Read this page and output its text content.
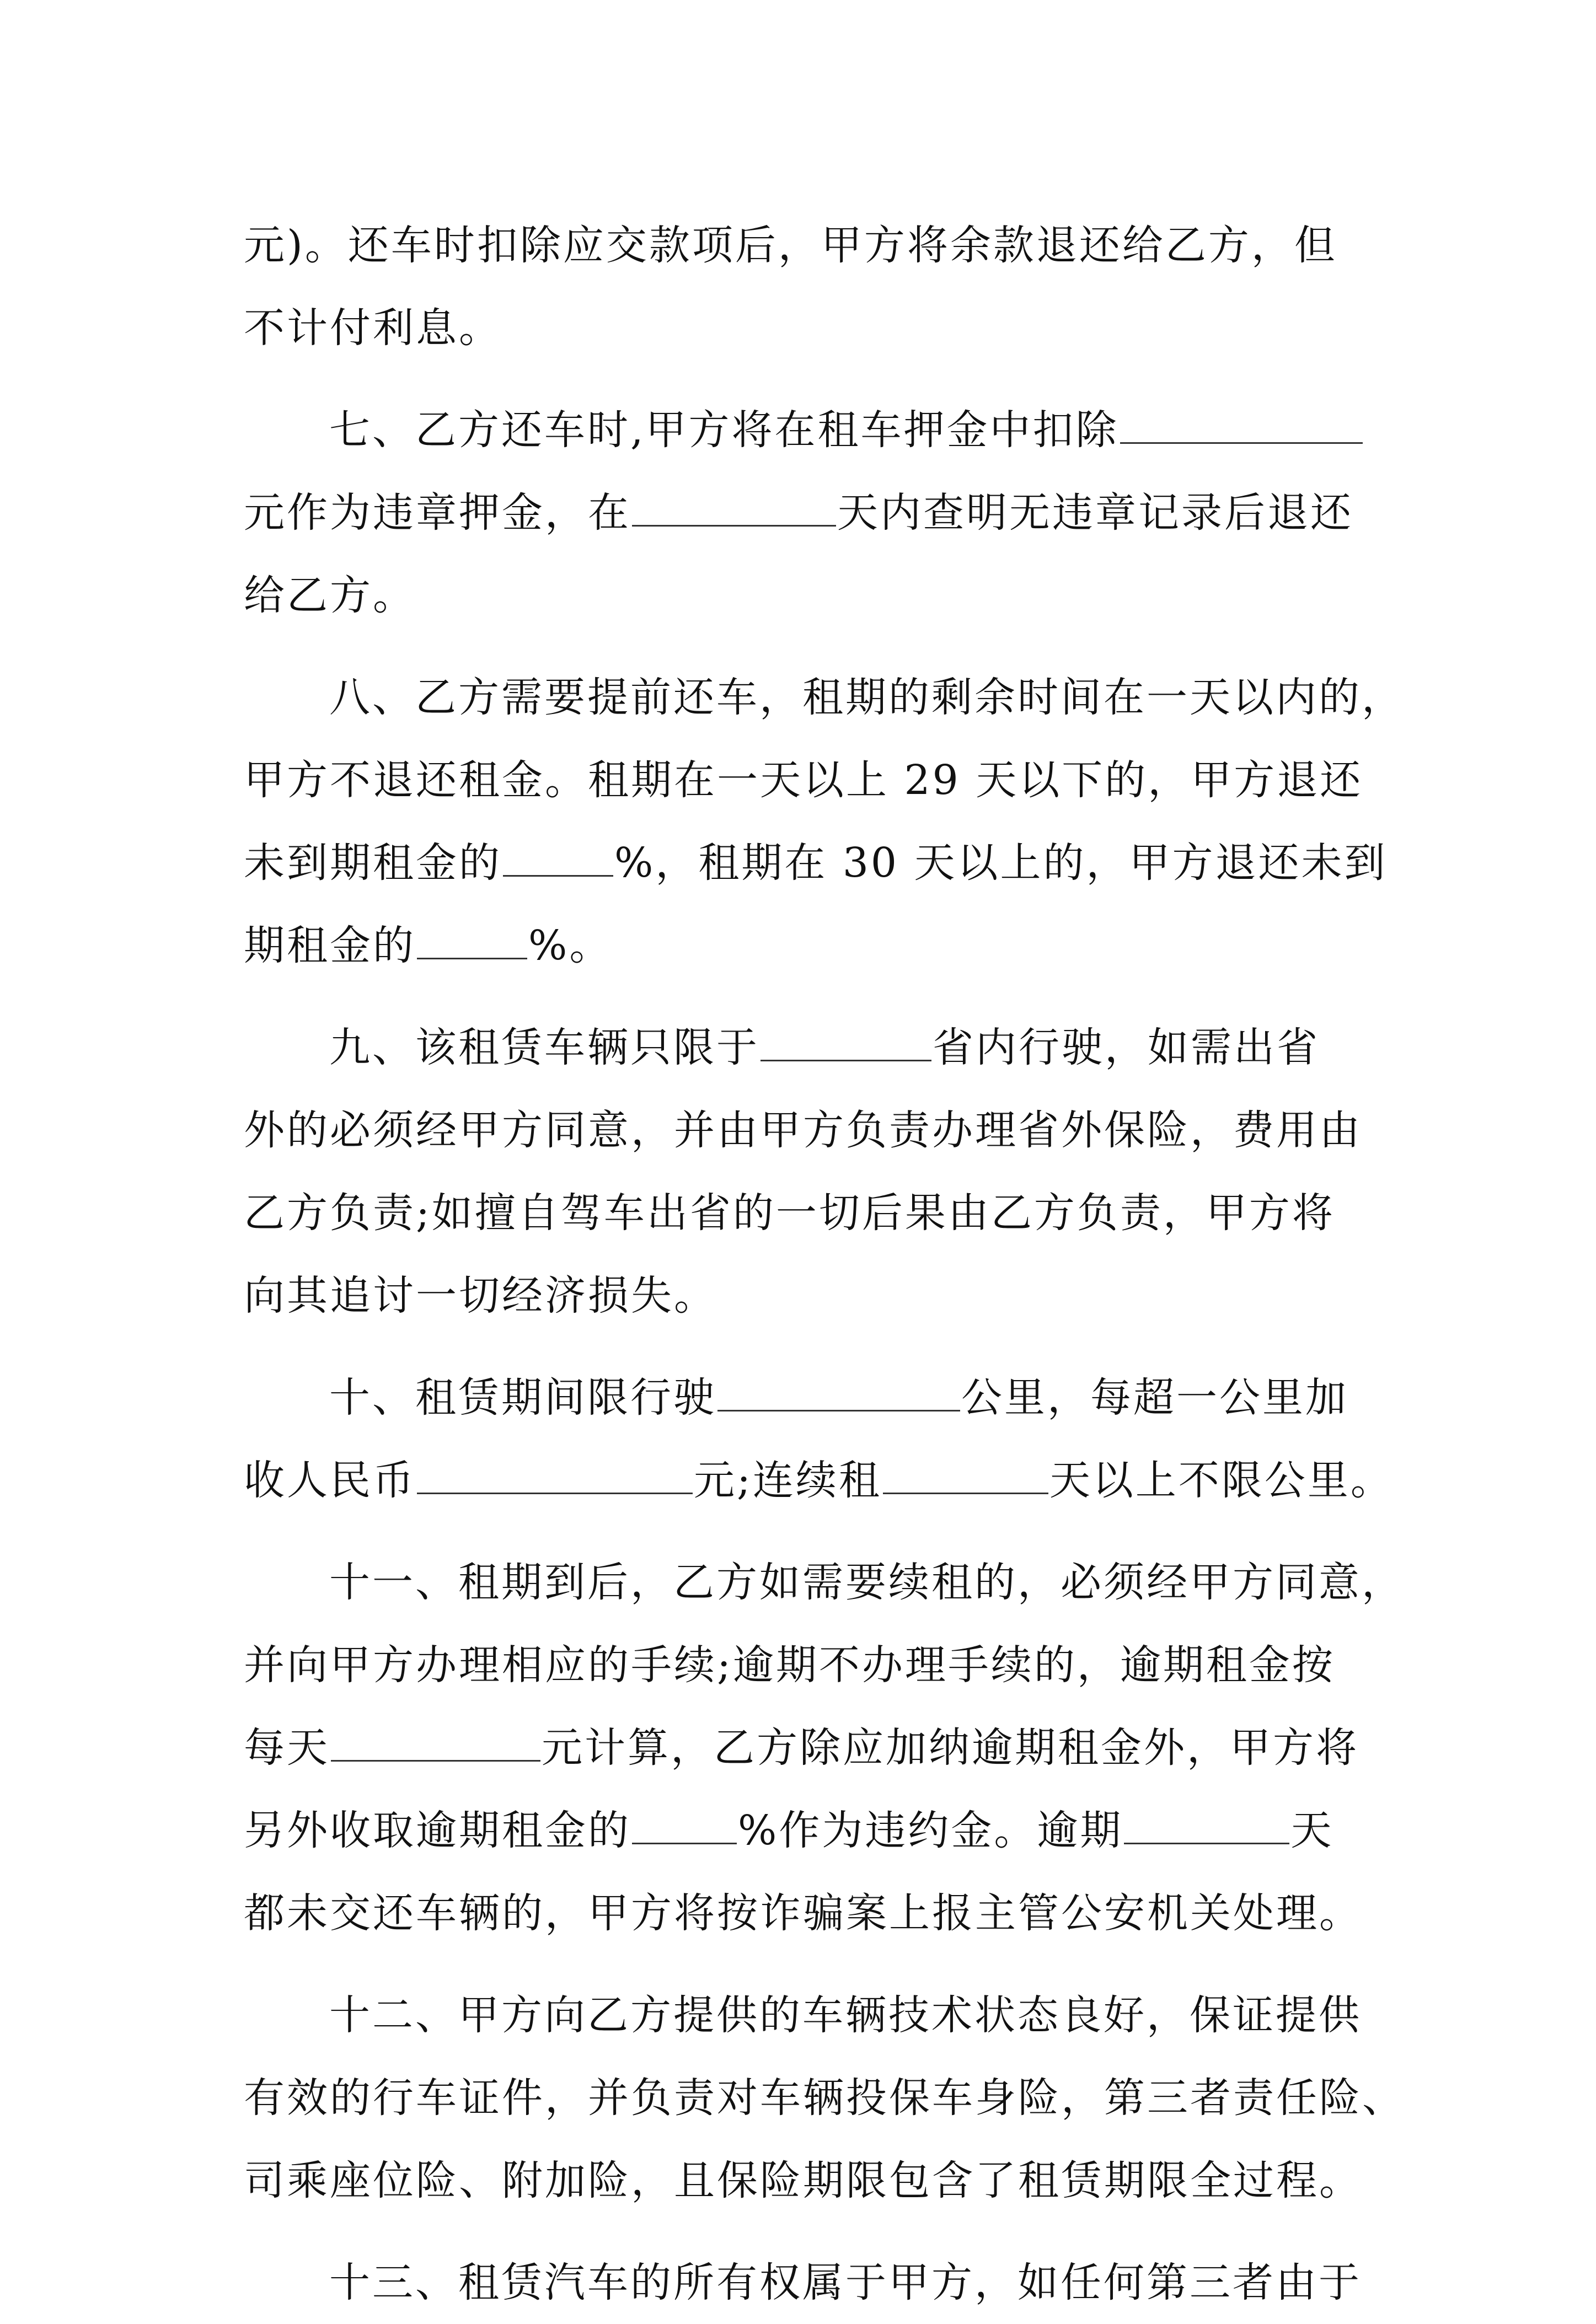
元)。还车时扣除应交款项后，甲方将余款退还给乙方，但
不计付利息。
七、乙方还车时,甲方将在租车押金中扣除
元作为违章押金，在	天内查明无违章记录后退还
给乙方。
八、乙方需要提前还车，租期的剩余时间在一天以内的，
甲方不退还租金。租期在一天以上 29 天以下的，甲方退还
未到期租金的	%，租期在 30 天以上的，甲方退还未到
期租金的	%。
九、该租赁车辆只限于	省内行驶，如需出省
外的必须经甲方同意，并由甲方负责办理省外保险，费用由
乙方负责;如擅自驾车出省的一切后果由乙方负责，甲方将
向其追讨一切经济损失。
十、租赁期间限行驶	公里，每超一公里加
收人民币	元;连续租	天以上不限公里。
十一、租期到后，乙方如需要续租的，必须经甲方同意，
并向甲方办理相应的手续;逾期不办理手续的，逾期租金按
每天	元计算，乙方除应加纳逾期租金外，甲方将
另外收取逾期租金的	%作为违约金。逾期	天
都未交还车辆的，甲方将按诈骗案上报主管公安机关处理。
十二、甲方向乙方提供的车辆技术状态良好，保证提供
有效的行车证件，并负责对车辆投保车身险，第三者责任险、
司乘座位险、附加险，且保险期限包含了租赁期限全过程。
十三、租赁汽车的所有权属于甲方，如任何第三者由于
